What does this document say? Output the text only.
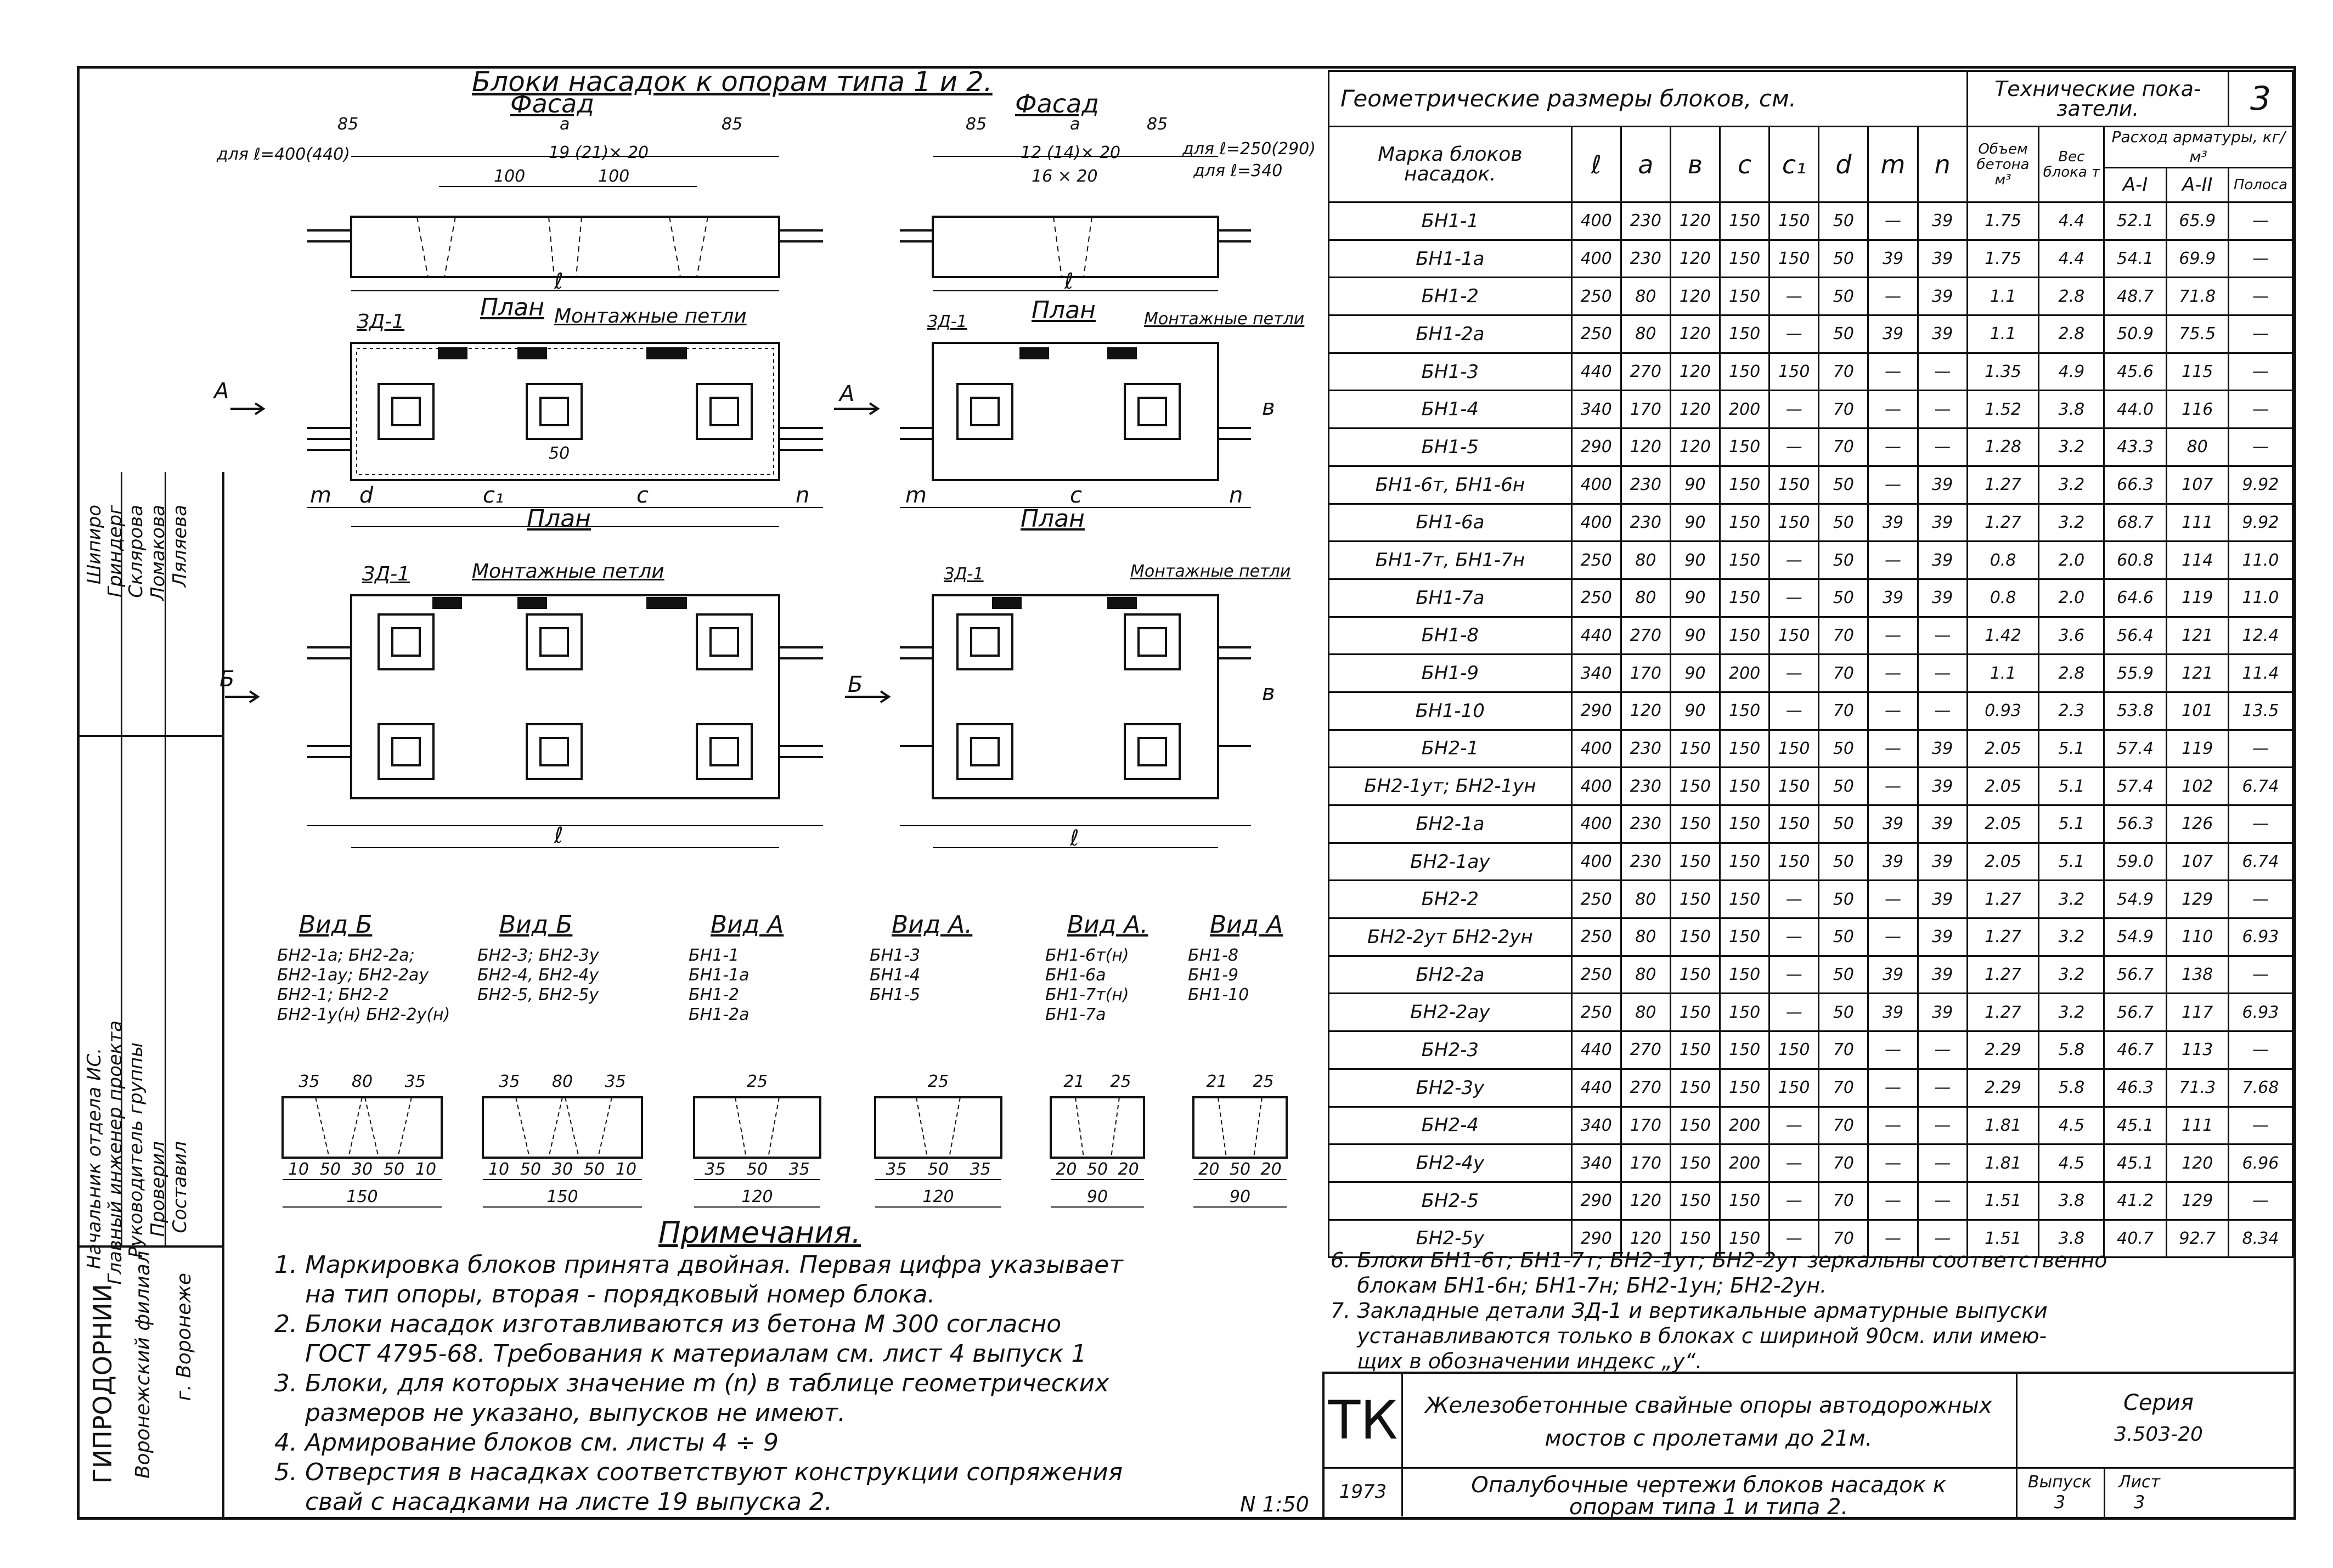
Начальник отдела ИС.
Главный инженер проекта
Руководитель группы Проверил Составил
Шипиро
Гриндерг
Склярова Ломакова Ляляева
ГИПРОДОРНИИ Воронежский филиал г. Воронеже
Блоки насадок к опорам типа 1 и 2.
Фасад	Фасад
для ℓ=400(440)	для ℓ=250(290)
для ℓ=340
19 (21)× 20	12 (14)× 20
16 × 20
85	a	85
100	100
85	a	85
ℓ	ℓ
План	План
Монтажные петли	Монтажные петли
ЗД-1	ЗД-1
А	А
в
50
m d	c₁	c	n	c
m	n
План	План
Монтажные петли	Монтажные петли
ЗД-1	ЗД-1
Б	Б	в
ℓ	ℓ
Вид Б
БН2-1а; БН2-2а;
БН2-1ау; БН2-2ау
БН2-1; БН2-2
БН2-1у(н) БН2-2у(н)
10 50 30 50 10
150
35 80 35
Вид Б
БН2-3; БН2-3у
БН2-4, БН2-4у
БН2-5, БН2-5у
10 50 30 50 10
150
35 80 35
Вид А
БН1-1
БН1-1а
БН1-2
БН1-2а
35 50 35
120
25
Вид А.
БН1-3
БН1-4
БН1-5
35 50 35
120
25
Вид А.
БН1-6т(н)
БН1-6а
БН1-7т(н)
БН1-7а
20 50 20
90
21 25
Вид А
БН1-8
БН1-9
БН1-10
20 50 20
90
21 25
Примечания.
1. Маркировка блоков принята двойная. Первая цифра указывает
на тип опоры, вторая - порядковый номер блока.
2. Блоки насадок изготавливаются из бетона М 300 согласно
ГОСТ 4795-68. Требования к материалам см. лист 4 выпуск 1
3. Блоки, для которых значение m (n) в таблице геометрических
размеров не указано, выпусков не имеют.
4. Армирование блоков см. листы 4 ÷ 9
5. Отверстия в насадках соответствуют конструкции сопряжения
свай с насадками на листе 19 выпуска 2.	N 1:50
Геометрические размеры блоков, см.									Технические пока-затели.				3
Марка блоков насадок.	ℓ	a	в	c	c₁	d	m	n	Объем бетона м³	Вес блока т	Расход арматуры, кг/м³		
											А-I	А-II	Полоса
БН1-1	400	230	120	150	150	50	—	39	1.75	4.4	52.1	65.9	—
БН1-1а	400	230	120	150	150	50	39	39	1.75	4.4	54.1	69.9	—
БН1-2	250	80	120	150	—	50	—	39	1.1	2.8	48.7	71.8	—
БН1-2а	250	80	120	150	—	50	39	39	1.1	2.8	50.9	75.5	—
БН1-3	440	270	120	150	150	70	—	—	1.35	4.9	45.6	115	—
БН1-4	340	170	120	200	—	70	—	—	1.52	3.8	44.0	116	—
БН1-5	290	120	120	150	—	70	—	—	1.28	3.2	43.3	80	—
БН1-6т, БН1-6н	400	230	90	150	150	50	—	39	1.27	3.2	66.3	107	9.92
БН1-6а	400	230	90	150	150	50	39	39	1.27	3.2	68.7	111	9.92
БН1-7т, БН1-7н	250	80	90	150	—	50	—	39	0.8	2.0	60.8	114	11.0
БН1-7а	250	80	90	150	—	50	39	39	0.8	2.0	64.6	119	11.0
БН1-8	440	270	90	150	150	70	—	—	1.42	3.6	56.4	121	12.4
БН1-9	340	170	90	200	—	70	—	—	1.1	2.8	55.9	121	11.4
БН1-10	290	120	90	150	—	70	—	—	0.93	2.3	53.8	101	13.5
БН2-1	400	230	150	150	150	50	—	39	2.05	5.1	57.4	119	—
БН2-1ут; БН2-1ун	400	230	150	150	150	50	—	39	2.05	5.1	57.4	102	6.74
БН2-1а	400	230	150	150	150	50	39	39	2.05	5.1	56.3	126	—
БН2-1ау	400	230	150	150	150	50	39	39	2.05	5.1	59.0	107	6.74
БН2-2	250	80	150	150	—	50	—	39	1.27	3.2	54.9	129	—
БН2-2ут БН2-2ун	250	80	150	150	—	50	—	39	1.27	3.2	54.9	110	6.93
БН2-2а	250	80	150	150	—	50	39	39	1.27	3.2	56.7	138	—
БН2-2ау	250	80	150	150	—	50	39	39	1.27	3.2	56.7	117	6.93
БН2-3	440	270	150	150	150	70	—	—	2.29	5.8	46.7	113	—
БН2-3у	440	270	150	150	150	70	—	—	2.29	5.8	46.3	71.3	7.68
БН2-4	340	170	150	200	—	70	—	—	1.81	4.5	45.1	111	—
БН2-4у	340	170	150	200	—	70	—	—	1.81	4.5	45.1	120	6.96
БН2-5	290	120	150	150	—	70	—	—	1.51	3.8	41.2	129	—
БН2-5у	290	120	150	150	—	70	—	—	1.51	3.8	40.7	92.7	8.34
6. Блоки БН1-6т; БН1-7т; БН2-1ут; БН2-2ут зеркальны соответственно
блокам БН1-6н; БН1-7н; БН2-1ун; БН2-2ун.
7. Закладные детали ЗД-1 и вертикальные арматурные выпуски
устанавливаются только в блоках с шириной 90см. или имею-
щих в обозначении индекс „у“.
ТК
1973
Железобетонные свайные опоры автодорожных
мостов с пролетами до 21м.
Опалубочные чертежи блоков насадок к
опорам типа 1 и типа 2.
Серия
3.503-20
Выпуск
3
Лист
3
